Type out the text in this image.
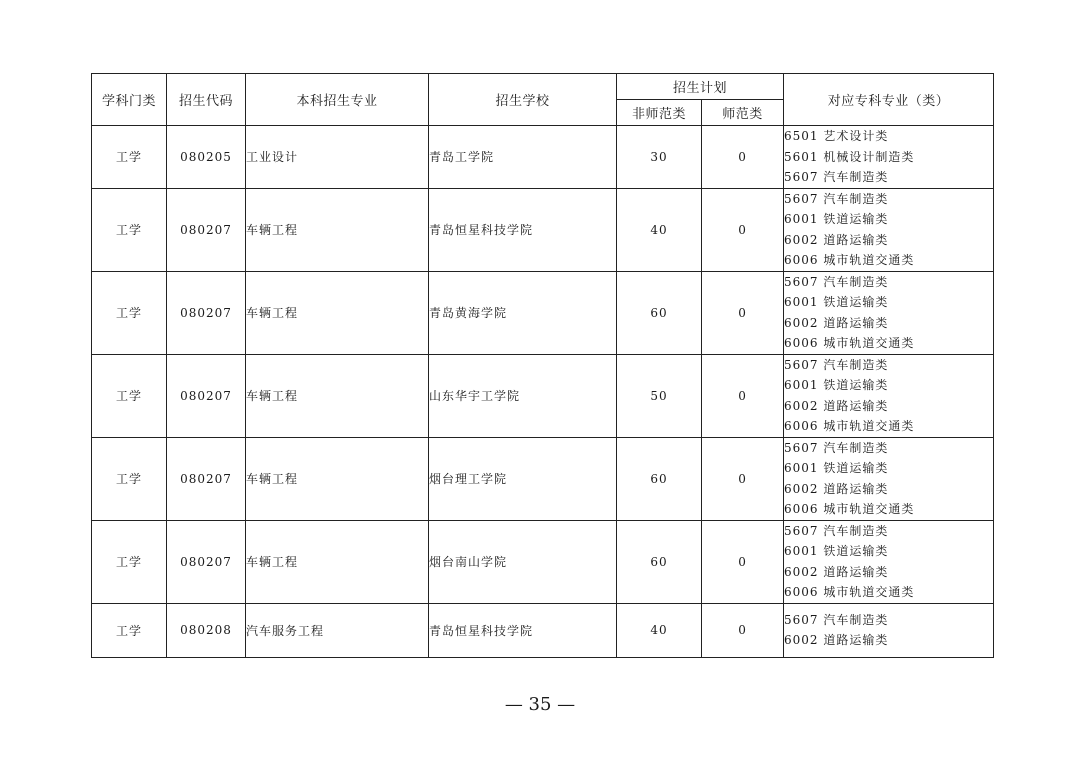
学科门类	招生代码	本科招生专业	招生学校	招生计划		对应专科专业（类）
				非师范类	师范类	
工学	080205	工业设计	青岛工学院	30	0	6501 艺术设计类
5601 机械设计制造类
5607 汽车制造类

工学	080207	车辆工程	青岛恒星科技学院	40	0	5607 汽车制造类
6001 铁道运输类
6002 道路运输类
6006 城市轨道交通类

工学	080207	车辆工程	青岛黄海学院	60	0	5607 汽车制造类
6001 铁道运输类
6002 道路运输类
6006 城市轨道交通类

工学	080207	车辆工程	山东华宇工学院	50	0	5607 汽车制造类
6001 铁道运输类
6002 道路运输类
6006 城市轨道交通类

工学	080207	车辆工程	烟台理工学院	60	0	5607 汽车制造类
6001 铁道运输类
6002 道路运输类
6006 城市轨道交通类

工学	080207	车辆工程	烟台南山学院	60	0	5607 汽车制造类
6001 铁道运输类
6002 道路运输类
6006 城市轨道交通类

工学	080208	汽车服务工程	青岛恒星科技学院	40	0	5607 汽车制造类
6002 道路运输类
— 35 —
